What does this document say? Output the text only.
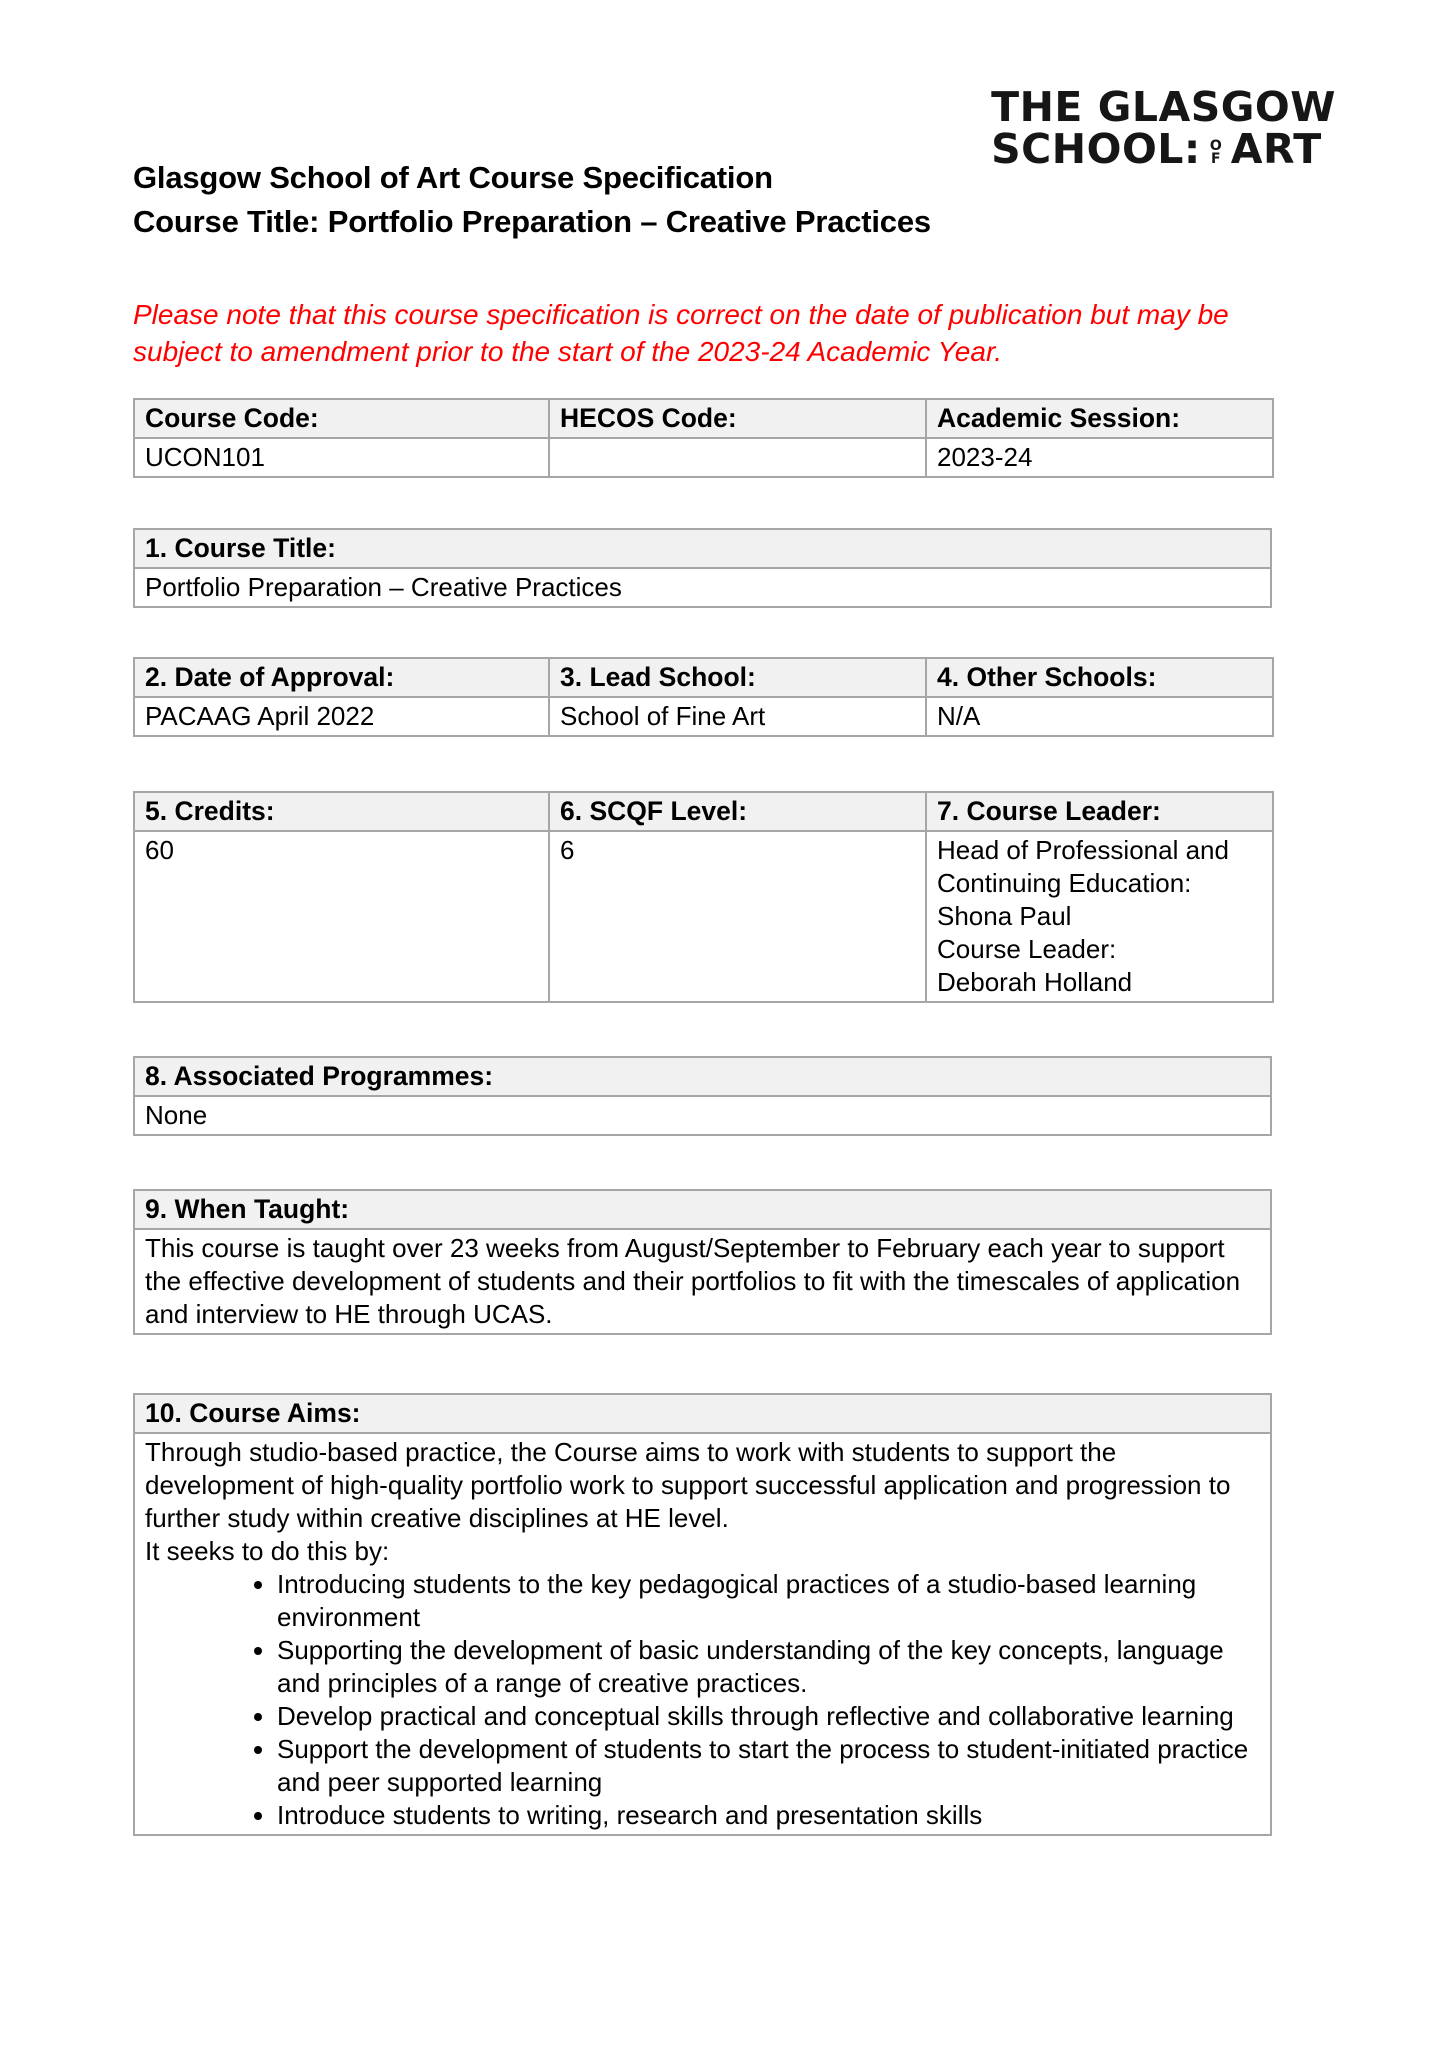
THE GLASGOW
SCHOOL: O
F ART
Glasgow School of Art Course Specification
Course Title: Portfolio Preparation – Creative Practices
Please note that this course specification is correct on the date of publication but may be subject to amendment prior to the start of the 2023-24 Academic Year.
Course Code:	HECOS Code:	Academic Session:
UCON101		2023-24
1. Course Title:
Portfolio Preparation – Creative Practices
2. Date of Approval:	3. Lead School:	4. Other Schools:
PACAAG April 2022	School of Fine Art	N/A
5. Credits:	6. SCQF Level:	7. Course Leader:
60	6	Head of Professional and Continuing Education:
Shona Paul
Course Leader:
Deborah Holland
8. Associated Programmes:
None
9. When Taught:
This course is taught over 23 weeks from August/September to February each year to support the effective development of students and their portfolios to fit with the timescales of application and interview to HE through UCAS.
10. Course Aims:

Through studio-based practice, the Course aims to work with students to support the development of high-quality portfolio work to support successful application and progression to further study within creative disciplines at HE level.

It seeks to do this by:

• Introducing students to the key pedagogical practices of a studio-based learning environment
• Supporting the development of basic understanding of the key concepts, language and principles of a range of creative practices.
• Develop practical and conceptual skills through reflective and collaborative learning
• Support the development of students to start the process to student-initiated practice and peer supported learning
• Introduce students to writing, research and presentation skills
